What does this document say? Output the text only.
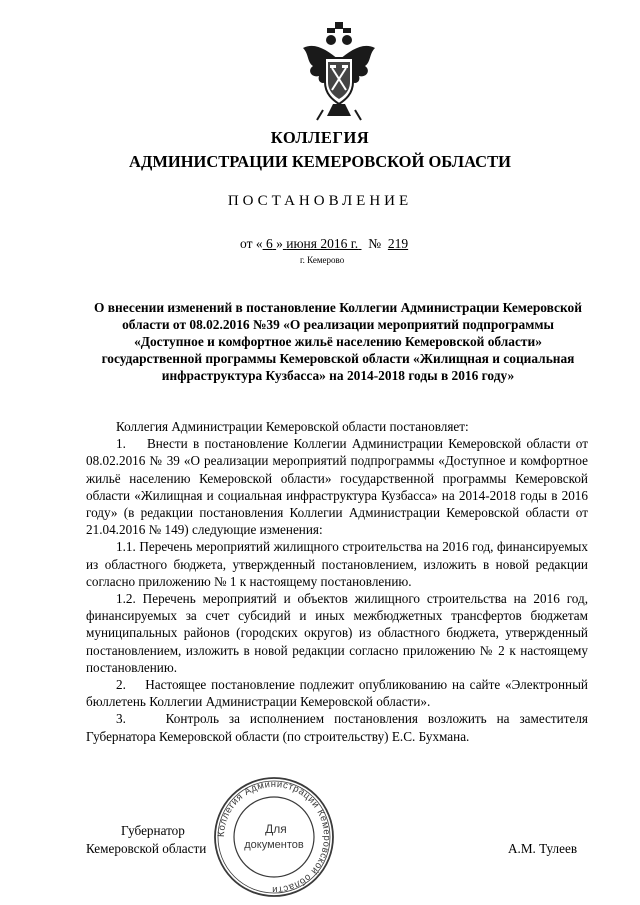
КОЛЛЕГИЯ
АДМИНИСТРАЦИИ КЕМЕРОВСКОЙ ОБЛАСТИ
ПОСТАНОВЛЕНИЕ
от « 6 » июня 2016 г. № 219
г. Кемерово
О внесении изменений в постановление Коллегии Администрации Кемеровской области от 08.02.2016 №39 «О реализации мероприятий подпрограммы «Доступное и комфортное жильё населению Кемеровской области» государственной программы Кемеровской области «Жилищная и социальная инфраструктура Кузбасса» на 2014-2018 годы в 2016 году»

Коллегия Администрации Кемеровской области постановляет:

1.    Внести в постановление Коллегии Администрации Кемеровской области от 08.02.2016 № 39 «О реализации мероприятий подпрограммы «Доступное и комфортное жильё населению Кемеровской области» государственной программы Кемеровской области «Жилищная и социальная инфраструктура Кузбасса» на 2014-2018 годы в 2016 году» (в редакции постановления Коллегии Администрации Кемеровской области от 21.04.2016 № 149) следующие изменения:

1.1. Перечень мероприятий жилищного строительства на 2016 год, финансируемых из областного бюджета, утвержденный постановлением, изложить в новой редакции согласно приложению № 1 к настоящему постановлению.

1.2. Перечень мероприятий и объектов жилищного строительства на 2016 год, финансируемых за счет субсидий и иных межбюджетных трансфертов бюджетам муниципальных районов (городских округов) из областного бюджета, утвержденный постановлением, изложить в новой редакции согласно приложению № 2 к настоящему постановлению.

2.    Настоящее постановление подлежит опубликованию на сайте «Электронный бюллетень Коллегии Администрации Кемеровской области».

3.    Контроль за исполнением постановления возложить на заместителя Губернатора Кемеровской области (по строительству) Е.С. Бухмана.

Губернатор
Кемеровской области	А.М. Тулеев
Коллегия Администрации Кемеровской области
Для
документов
